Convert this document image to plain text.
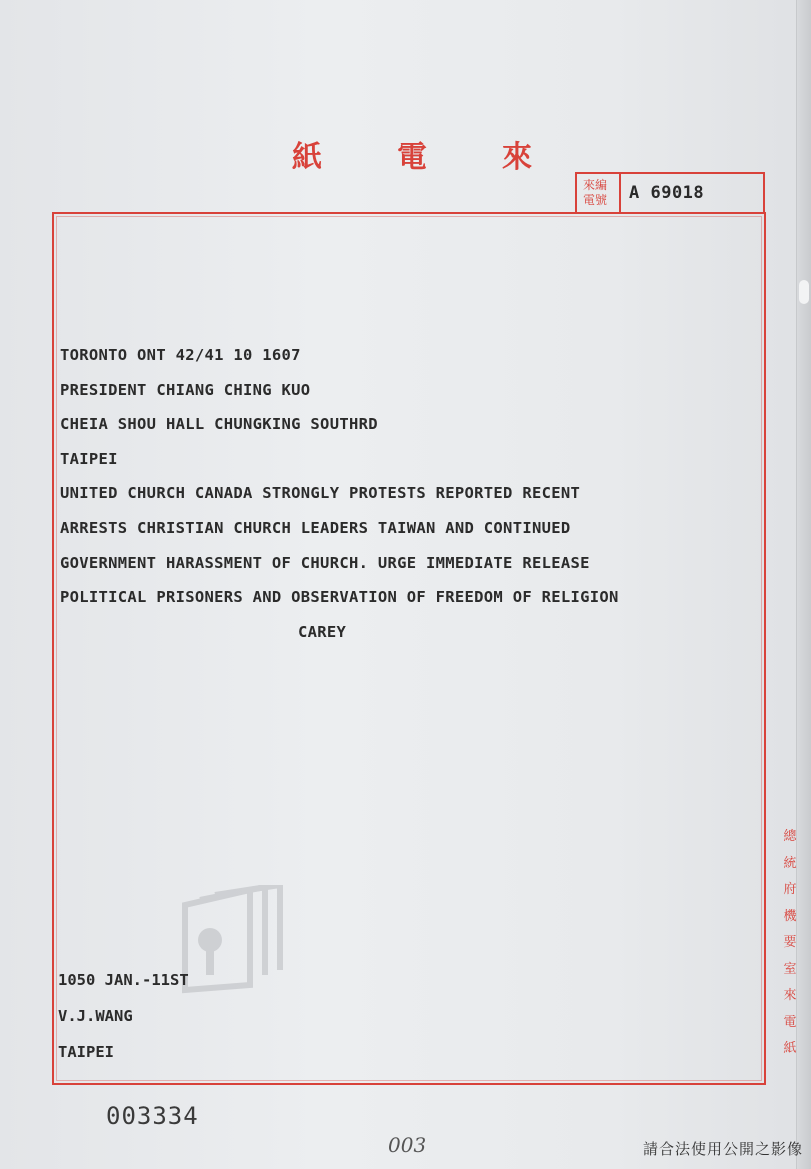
紙	電	來
來編
電號	A 69018
TORONTO ONT 42/41 10 1607
PRESIDENT CHIANG CHING KUO
CHEIA SHOU HALL CHUNGKING SOUTHRD
TAIPEI
UNITED CHURCH CANADA STRONGLY PROTESTS REPORTED RECENT
ARRESTS CHRISTIAN CHURCH LEADERS TAIWAN AND CONTINUED
GOVERNMENT HARASSMENT OF CHURCH. URGE IMMEDIATE RELEASE
POLITICAL PRISONERS AND OBSERVATION OF FREEDOM OF RELIGION
CAREY
1050 JAN.-11ST
V.J.WANG
TAIPEI
總
統
府
機
要
室
來
電
紙
003334
003	請合法使用公開之影像
